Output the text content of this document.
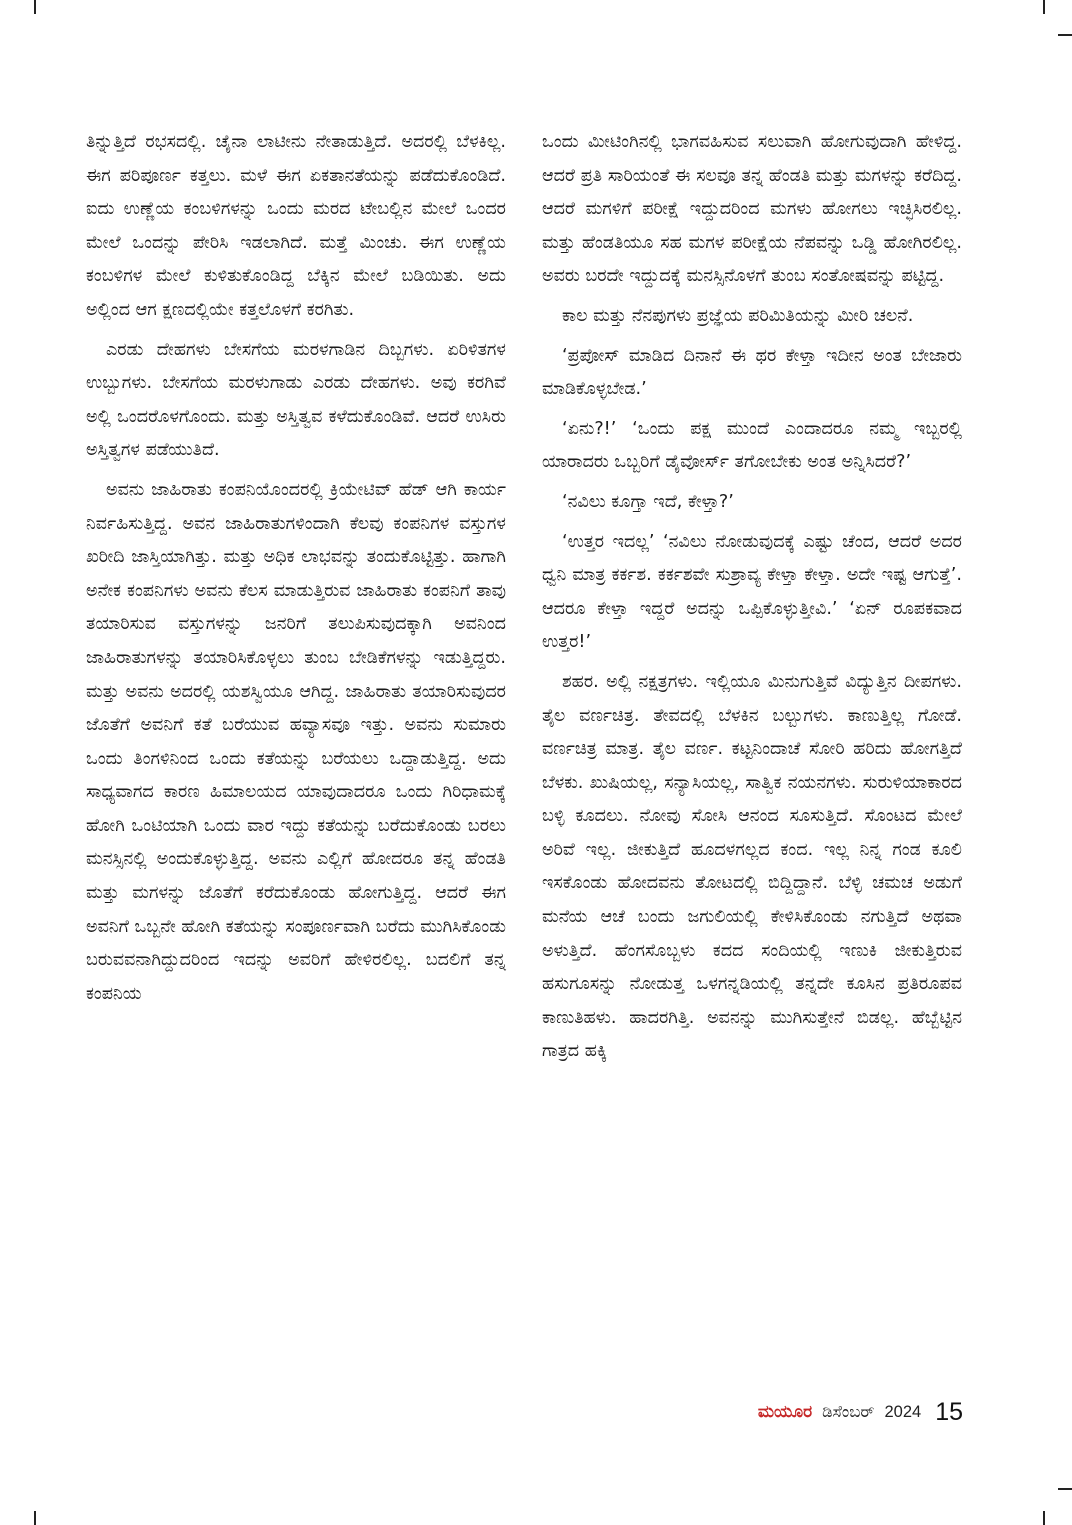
ತಿನ್ನುತ್ತಿದೆ ರಭಸದಲ್ಲಿ. ಚೈನಾ ಲಾಟೀನು ನೇತಾಡುತ್ತಿದೆ. ಅದರಲ್ಲಿ ಬೆಳಕಿಲ್ಲ. ಈಗ ಪರಿಪೂರ್ಣ ಕತ್ತಲು. ಮಳೆ ಈಗ ಏಕತಾನತೆಯನ್ನು ಪಡೆದುಕೊಂಡಿದೆ. ಐದು ಉಣ್ಣೆಯ ಕಂಬಳಿಗಳನ್ನು ಒಂದು ಮರದ ಟೇಬಲ್ಲಿನ ಮೇಲೆ ಒಂದರ ಮೇಲೆ ಒಂದನ್ನು ಪೇರಿಸಿ ಇಡಲಾಗಿದೆ. ಮತ್ತೆ ಮಿಂಚು. ಈಗ ಉಣ್ಣೆಯ ಕಂಬಳಿಗಳ ಮೇಲೆ ಕುಳಿತುಕೊಂಡಿದ್ದ ಬೆಕ್ಕಿನ ಮೇಲೆ ಬಡಿಯಿತು. ಅದು ಅಲ್ಲಿಂದ ಆಗ ಕ್ಷಣದಲ್ಲಿಯೇ ಕತ್ತಲೊಳಗೆ ಕರಗಿತು.

ಎರಡು ದೇಹಗಳು ಬೇಸಗೆಯ ಮರಳಗಾಡಿನ ದಿಬ್ಬಗಳು. ಏರಿಳಿತಗಳ ಉಬ್ಬುಗಳು. ಬೇಸಗೆಯ ಮರಳುಗಾಡು ಎರಡು ದೇಹಗಳು. ಅವು ಕರಗಿವೆ ಅಲ್ಲಿ ಒಂದರೊಳಗೊಂದು. ಮತ್ತು ಅಸ್ತಿತ್ವವ ಕಳೆದುಕೊಂಡಿವೆ. ಆದರೆ ಉಸಿರು ಅಸ್ತಿತ್ವಗಳ ಪಡೆಯುತಿದೆ.

ಅವನು ಜಾಹಿರಾತು ಕಂಪನಿಯೊಂದರಲ್ಲಿ ಕ್ರಿಯೇಟಿವ್ ಹೆಡ್ ಆಗಿ ಕಾರ್ಯ ನಿರ್ವಹಿಸುತ್ತಿದ್ದ. ಅವನ ಜಾಹಿರಾತುಗಳಿಂದಾಗಿ ಕೆಲವು ಕಂಪನಿಗಳ ವಸ್ತುಗಳ ಖರೀದಿ ಜಾಸ್ತಿಯಾಗಿತ್ತು. ಮತ್ತು ಅಧಿಕ ಲಾಭವನ್ನು ತಂದುಕೊಟ್ಟಿತ್ತು. ಹಾಗಾಗಿ ಅನೇಕ ಕಂಪನಿಗಳು ಅವನು ಕೆಲಸ ಮಾಡುತ್ತಿರುವ ಜಾಹಿರಾತು ಕಂಪನಿಗೆ ತಾವು ತಯಾರಿಸುವ ವಸ್ತುಗಳನ್ನು ಜನರಿಗೆ ತಲುಪಿಸುವುದಕ್ಕಾಗಿ ಅವನಿಂದ ಜಾಹಿರಾತುಗಳನ್ನು ತಯಾರಿಸಿಕೊಳ್ಳಲು ತುಂಬ ಬೇಡಿಕೆಗಳನ್ನು ಇಡುತ್ತಿದ್ದರು. ಮತ್ತು ಅವನು ಅದರಲ್ಲಿ ಯಶಸ್ವಿಯೂ ಆಗಿದ್ದ. ಜಾಹಿರಾತು ತಯಾರಿಸುವುದರ ಜೊತೆಗೆ ಅವನಿಗೆ ಕತೆ ಬರೆಯುವ ಹವ್ಯಾಸವೂ ಇತ್ತು. ಅವನು ಸುಮಾರು ಒಂದು ತಿಂಗಳಿನಿಂದ ಒಂದು ಕತೆಯನ್ನು ಬರೆಯಲು ಒದ್ದಾಡುತ್ತಿದ್ದ. ಅದು ಸಾಧ್ಯವಾಗದ ಕಾರಣ ಹಿಮಾಲಯದ ಯಾವುದಾದರೂ ಒಂದು ಗಿರಿಧಾಮಕ್ಕೆ ಹೋಗಿ ಒಂಟಿಯಾಗಿ ಒಂದು ವಾರ ಇದ್ದು ಕತೆಯನ್ನು ಬರೆದುಕೊಂಡು ಬರಲು ಮನಸ್ಸಿನಲ್ಲಿ ಅಂದುಕೊಳ್ಳುತ್ತಿದ್ದ. ಅವನು ಎಲ್ಲಿಗೆ ಹೋದರೂ ತನ್ನ ಹೆಂಡತಿ ಮತ್ತು ಮಗಳನ್ನು ಜೊತೆಗೆ ಕರೆದುಕೊಂಡು ಹೋಗುತ್ತಿದ್ದ. ಆದರೆ ಈಗ ಅವನಿಗೆ ಒಬ್ಬನೇ ಹೋಗಿ ಕತೆಯನ್ನು ಸಂಪೂರ್ಣವಾಗಿ ಬರೆದು ಮುಗಿಸಿಕೊಂಡು ಬರುವವನಾಗಿದ್ದುದರಿಂದ ಇದನ್ನು ಅವರಿಗೆ ಹೇಳಿರಲಿಲ್ಲ. ಬದಲಿಗೆ ತನ್ನ ಕಂಪನಿಯ

ಒಂದು ಮೀಟಿಂಗಿನಲ್ಲಿ ಭಾಗವಹಿಸುವ ಸಲುವಾಗಿ ಹೋಗುವುದಾಗಿ ಹೇಳಿದ್ದ. ಆದರೆ ಪ್ರತಿ ಸಾರಿಯಂತೆ ಈ ಸಲವೂ ತನ್ನ ಹೆಂಡತಿ ಮತ್ತು ಮಗಳನ್ನು ಕರೆದಿದ್ದ. ಆದರೆ ಮಗಳಿಗೆ ಪರೀಕ್ಷೆ ಇದ್ದುದರಿಂದ ಮಗಳು ಹೋಗಲು ಇಚ್ಛಿಸಿರಲಿಲ್ಲ. ಮತ್ತು ಹೆಂಡತಿಯೂ ಸಹ ಮಗಳ ಪರೀಕ್ಷೆಯ ನೆಪವನ್ನು ಒಡ್ಡಿ ಹೋಗಿರಲಿಲ್ಲ. ಅವರು ಬರದೇ ಇದ್ದುದಕ್ಕೆ ಮನಸ್ಸಿನೊಳಗೆ ತುಂಬ ಸಂತೋಷವನ್ನು ಪಟ್ಟಿದ್ದ.

ಕಾಲ ಮತ್ತು ನೆನಪುಗಳು ಪ್ರಜ್ಞೆಯ ಪರಿಮಿತಿಯನ್ನು ಮೀರಿ ಚಲನೆ.

‘ಪ್ರಪೋಸ್ ಮಾಡಿದ ದಿನಾನೆ ಈ ಥರ ಕೇಳ್ತಾ ಇದೀನ ಅಂತ ಬೇಜಾರು ಮಾಡಿಕೊಳ್ಳಬೇಡ.’

‘ಏನು?!’ ‘ಒಂದು ಪಕ್ಷ ಮುಂದೆ ಎಂದಾದರೂ ನಮ್ಮ ಇಬ್ಬರಲ್ಲಿ ಯಾರಾದರು ಒಬ್ಬರಿಗೆ ಡೈವೋರ್ಸ್ ತಗೋಬೇಕು ಅಂತ ಅನ್ನಿಸಿದರೆ?’

‘ನವಿಲು ಕೂಗ್ತಾ ಇದೆ, ಕೇಳ್ತಾ?’

‘ಉತ್ತರ ಇದಲ್ಲ’ ‘ನವಿಲು ನೋಡುವುದಕ್ಕೆ ಎಷ್ಟು ಚೆಂದ, ಆದರೆ ಅದರ ಧ್ವನಿ ಮಾತ್ರ ಕರ್ಕಶ. ಕರ್ಕಶವೇ ಸುಶ್ರಾವ್ಯ ಕೇಳ್ತಾ ಕೇಳ್ತಾ. ಅದೇ ಇಷ್ಟ ಆಗುತ್ತೆ’. ಆದರೂ ಕೇಳ್ತಾ ಇದ್ದರೆ ಅದನ್ನು ಒಪ್ಪಿಕೊಳ್ಳುತ್ತೀವಿ.’ ‘ಏನ್ ರೂಪಕವಾದ ಉತ್ತರ!’

ಶಹರ. ಅಲ್ಲಿ ನಕ್ಷತ್ರಗಳು. ಇಲ್ಲಿಯೂ ಮಿನುಗುತ್ತಿವೆ ವಿದ್ಯುತ್ತಿನ ದೀಪಗಳು. ತೈಲ ವರ್ಣಚಿತ್ರ. ತೇವದಲ್ಲಿ ಬೆಳಕಿನ ಬಲ್ಬುಗಳು. ಕಾಣುತ್ತಿಲ್ಲ ಗೋಡೆ. ವರ್ಣಚಿತ್ರ ಮಾತ್ರ. ತೈಲ ವರ್ಣ. ಕಟ್ಟನಿಂದಾಚೆ ಸೋರಿ ಹರಿದು ಹೋಗತ್ತಿದೆ ಬೆಳಕು. ಖುಷಿಯಲ್ಲ, ಸನ್ಯಾಸಿಯಲ್ಲ, ಸಾತ್ವಿಕ ನಯನಗಳು. ಸುರುಳಿಯಾಕಾರದ ಬಳ್ಳಿ ಕೂದಲು. ನೋವು ಸೋಸಿ ಆನಂದ ಸೂಸುತ್ತಿದೆ. ಸೊಂಟದ ಮೇಲೆ ಅರಿವೆ ಇಲ್ಲ. ಜೀಕುತ್ತಿದೆ ಹೂದಳಗಲ್ಲದ ಕಂದ. ಇಲ್ಲ ನಿನ್ನ ಗಂಡ ಕೂಲಿ ಇಸಕೊಂಡು ಹೋದವನು ತೋಟದಲ್ಲಿ ಬಿದ್ದಿದ್ದಾನೆ. ಬೆಳ್ಳಿ ಚಮಚ ಅಡುಗೆ ಮನೆಯ ಆಚೆ ಬಂದು ಜಗುಲಿಯಲ್ಲಿ ಕೇಳಿಸಿಕೊಂಡು ನಗುತ್ತಿದೆ ಅಥವಾ ಅಳುತ್ತಿದೆ. ಹೆಂಗಸೊಬ್ಬಳು ಕದದ ಸಂದಿಯಲ್ಲಿ ಇಣುಕಿ ಜೀಕುತ್ತಿರುವ ಹಸುಗೂಸನ್ನು ನೋಡುತ್ತ ಒಳಗನ್ನಡಿಯಲ್ಲಿ ತನ್ನದೇ ಕೂಸಿನ ಪ್ರತಿರೂಪವ ಕಾಣುತಿಹಳು. ಹಾದರಗಿತ್ತಿ. ಅವನನ್ನು ಮುಗಿಸುತ್ತೇನೆ ಬಿಡಲ್ಲ. ಹೆಬ್ಬೆಟ್ಟಿನ ಗಾತ್ರದ ಹಕ್ಕಿ

ಮಯೂರ ಡಿಸೆಂಬರ್ 2024 15
